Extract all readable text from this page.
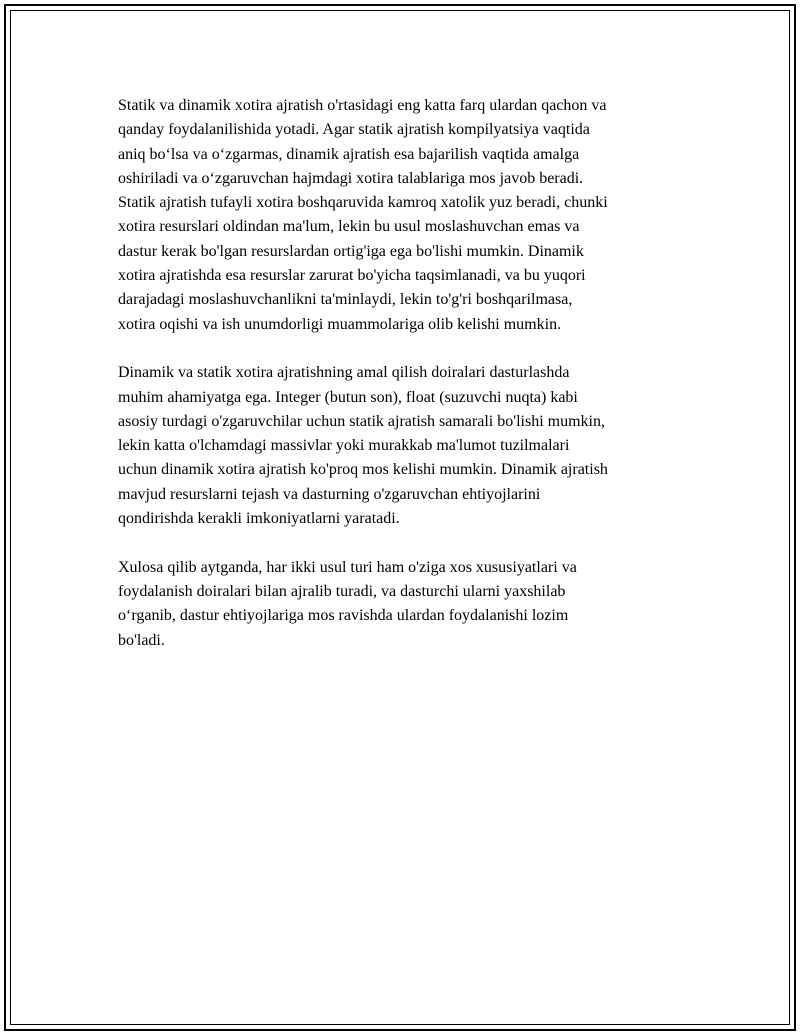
Statik va dinamik xotira ajratish o'rtasidagi eng katta farq ulardan qachon va
qanday foydalanilishida yotadi. Agar statik ajratish kompilyatsiya vaqtida
aniq bo‘lsa va o‘zgarmas, dinamik ajratish esa bajarilish vaqtida amalga
oshiriladi va o‘zgaruvchan hajmdagi xotira talablariga mos javob beradi.
Statik ajratish tufayli xotira boshqaruvida kamroq xatolik yuz beradi, chunki
xotira resurslari oldindan ma'lum, lekin bu usul moslashuvchan emas va
dastur kerak bo'lgan resurslardan ortig'iga ega bo'lishi mumkin. Dinamik
xotira ajratishda esa resurslar zarurat bo'yicha taqsimlanadi, va bu yuqori
darajadagi moslashuvchanlikni ta'minlaydi, lekin to'g'ri boshqarilmasa,
xotira oqishi va ish unumdorligi muammolariga olib kelishi mumkin.
Dinamik va statik xotira ajratishning amal qilish doiralari dasturlashda
muhim ahamiyatga ega. Integer (butun son), float (suzuvchi nuqta) kabi
asosiy turdagi o'zgaruvchilar uchun statik ajratish samarali bo'lishi mumkin,
lekin katta o'lchamdagi massivlar yoki murakkab ma'lumot tuzilmalari
uchun dinamik xotira ajratish ko'proq mos kelishi mumkin. Dinamik ajratish
mavjud resurslarni tejash va dasturning o'zgaruvchan ehtiyojlarini
qondirishda kerakli imkoniyatlarni yaratadi.
Xulosa qilib aytganda, har ikki usul turi ham o'ziga xos xususiyatlari va
foydalanish doiralari bilan ajralib turadi, va dasturchi ularni yaxshilab
o‘rganib, dastur ehtiyojlariga mos ravishda ulardan foydalanishi lozim
bo'ladi.
